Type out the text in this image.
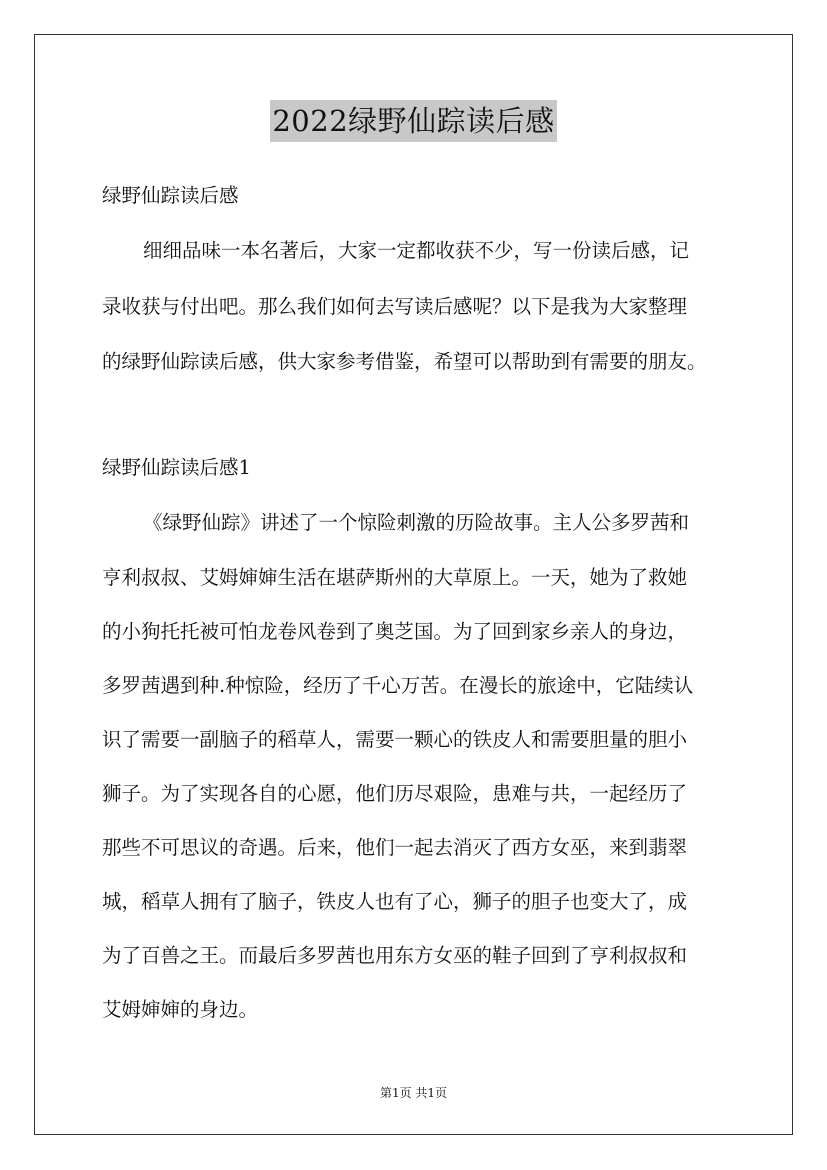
2022绿野仙踪读后感
绿野仙踪读后感
细细品味一本名著后，大家一定都收获不少，写一份读后感，记
录收获与付出吧。那么我们如何去写读后感呢？以下是我为大家整理
的绿野仙踪读后感，供大家参考借鉴，希望可以帮助到有需要的朋友。
绿野仙踪读后感1
《绿野仙踪》讲述了一个惊险刺激的历险故事。主人公多罗茜和
亨利叔叔、艾姆婶婶生活在堪萨斯州的大草原上。一天，她为了救她
的小狗托托被可怕龙卷风卷到了奥芝国。为了回到家乡亲人的身边，
多罗茜遇到种.种惊险，经历了千心万苦。在漫长的旅途中，它陆续认
识了需要一副脑子的稻草人，需要一颗心的铁皮人和需要胆量的胆小
狮子。为了实现各自的心愿，他们历尽艰险，患难与共，一起经历了
那些不可思议的奇遇。后来，他们一起去消灭了西方女巫，来到翡翠
城，稻草人拥有了脑子，铁皮人也有了心，狮子的胆子也变大了，成
为了百兽之王。而最后多罗茜也用东方女巫的鞋子回到了亨利叔叔和
艾姆婶婶的身边。
第1页 共1页
